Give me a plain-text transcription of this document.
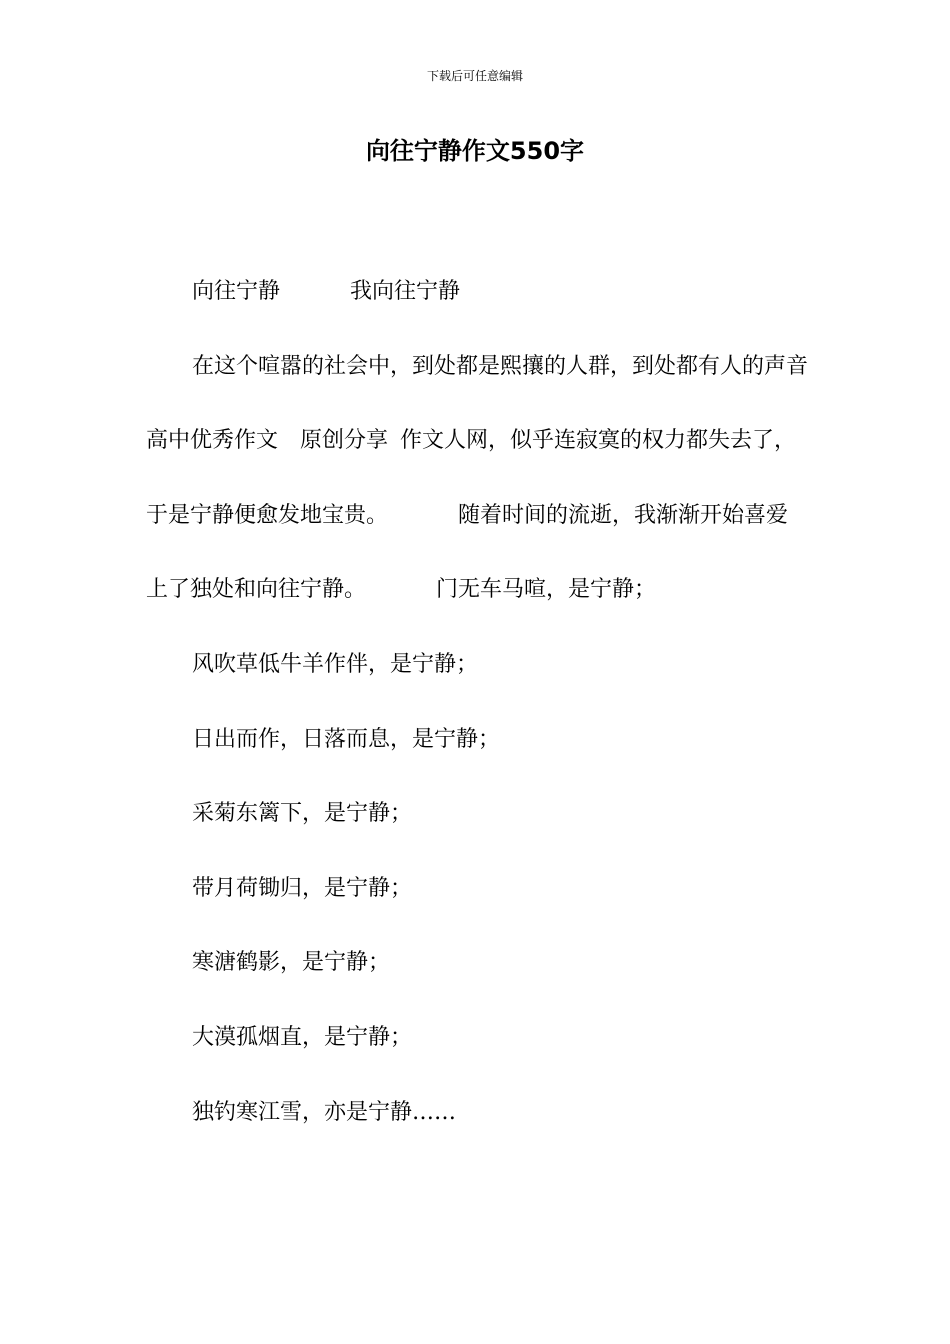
下载后可任意编辑
向往宁静作文550字

向往宁静	我向往宁静

在这个喧嚣的社会中，到处都是熙攘的人群，到处都有人的声音高中优秀作文 原创分享 作文人网，似乎连寂寞的权力都失去了，于是宁静便愈发地宝贵。	随着时间的流逝，我渐渐开始喜爱上了独处和向往宁静。	门无车马喧，是宁静；

风吹草低牛羊作伴，是宁静；

日出而作，日落而息，是宁静；

采菊东篱下，是宁静；

带月荷锄归，是宁静；

寒溏鹤影，是宁静；

大漠孤烟直，是宁静；

独钓寒江雪，亦是宁静……
